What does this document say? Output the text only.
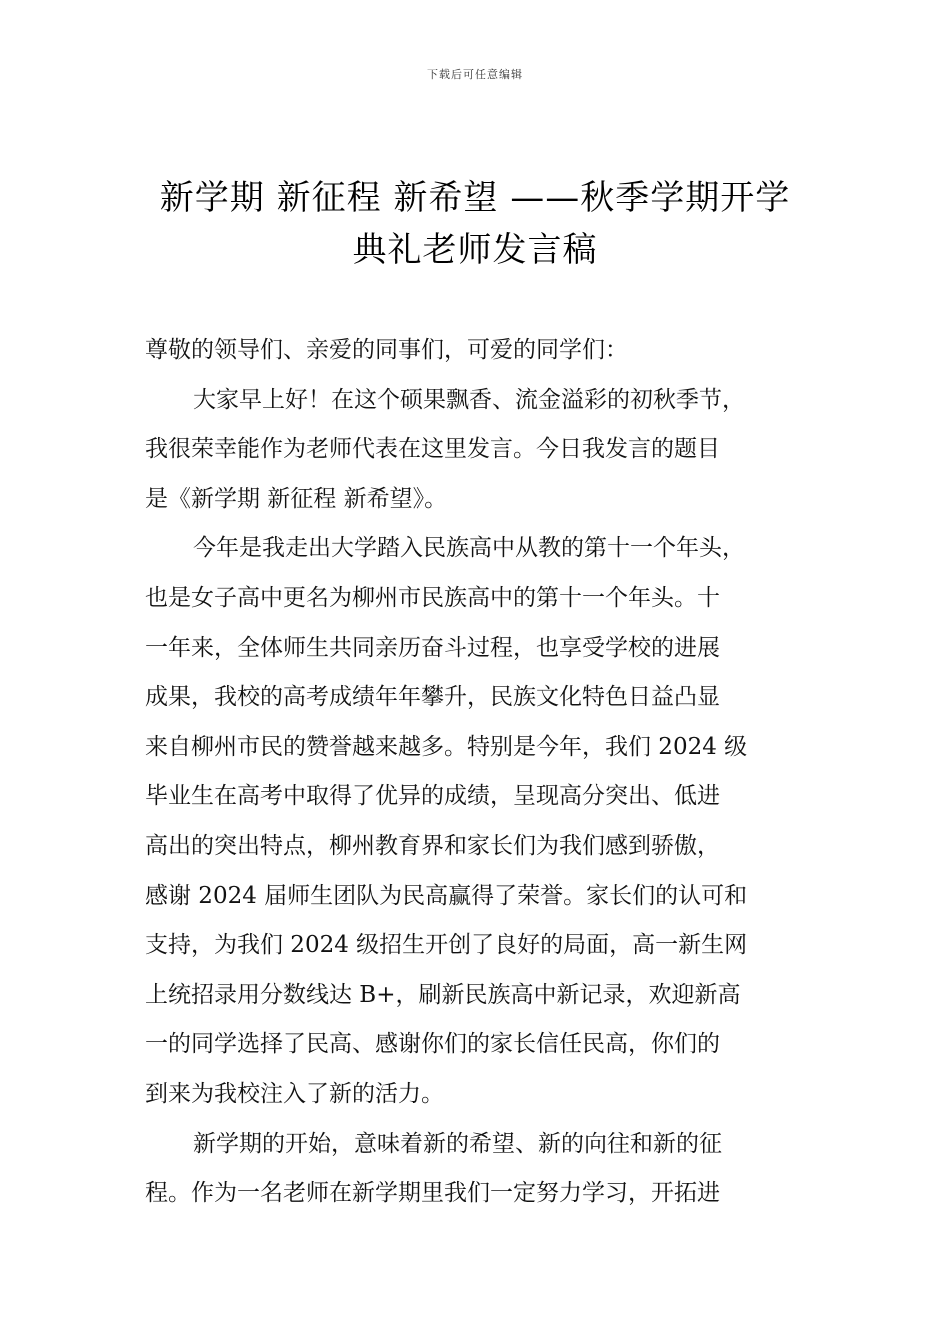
下载后可任意编辑
新学期 新征程 新希望 ——秋季学期开学
典礼老师发言稿
尊敬的领导们、亲爱的同事们，可爱的同学们：
大家早上好！在这个硕果飘香、流金溢彩的初秋季节，
我很荣幸能作为老师代表在这里发言。今日我发言的题目
是《新学期 新征程 新希望》。
今年是我走出大学踏入民族高中从教的第十一个年头，
也是女子高中更名为柳州市民族高中的第十一个年头。十
一年来，全体师生共同亲历奋斗过程，也享受学校的进展
成果，我校的高考成绩年年攀升，民族文化特色日益凸显
来自柳州市民的赞誉越来越多。特别是今年，我们 2024 级
毕业生在高考中取得了优异的成绩，呈现高分突出、低进
高出的突出特点，柳州教育界和家长们为我们感到骄傲，
感谢 2024 届师生团队为民高赢得了荣誉。家长们的认可和
支持，为我们 2024 级招生开创了良好的局面，高一新生网
上统招录用分数线达 B+，刷新民族高中新记录，欢迎新高
一的同学选择了民高、感谢你们的家长信任民高，你们的
到来为我校注入了新的活力。
新学期的开始，意味着新的希望、新的向往和新的征
程。作为一名老师在新学期里我们一定努力学习，开拓进
